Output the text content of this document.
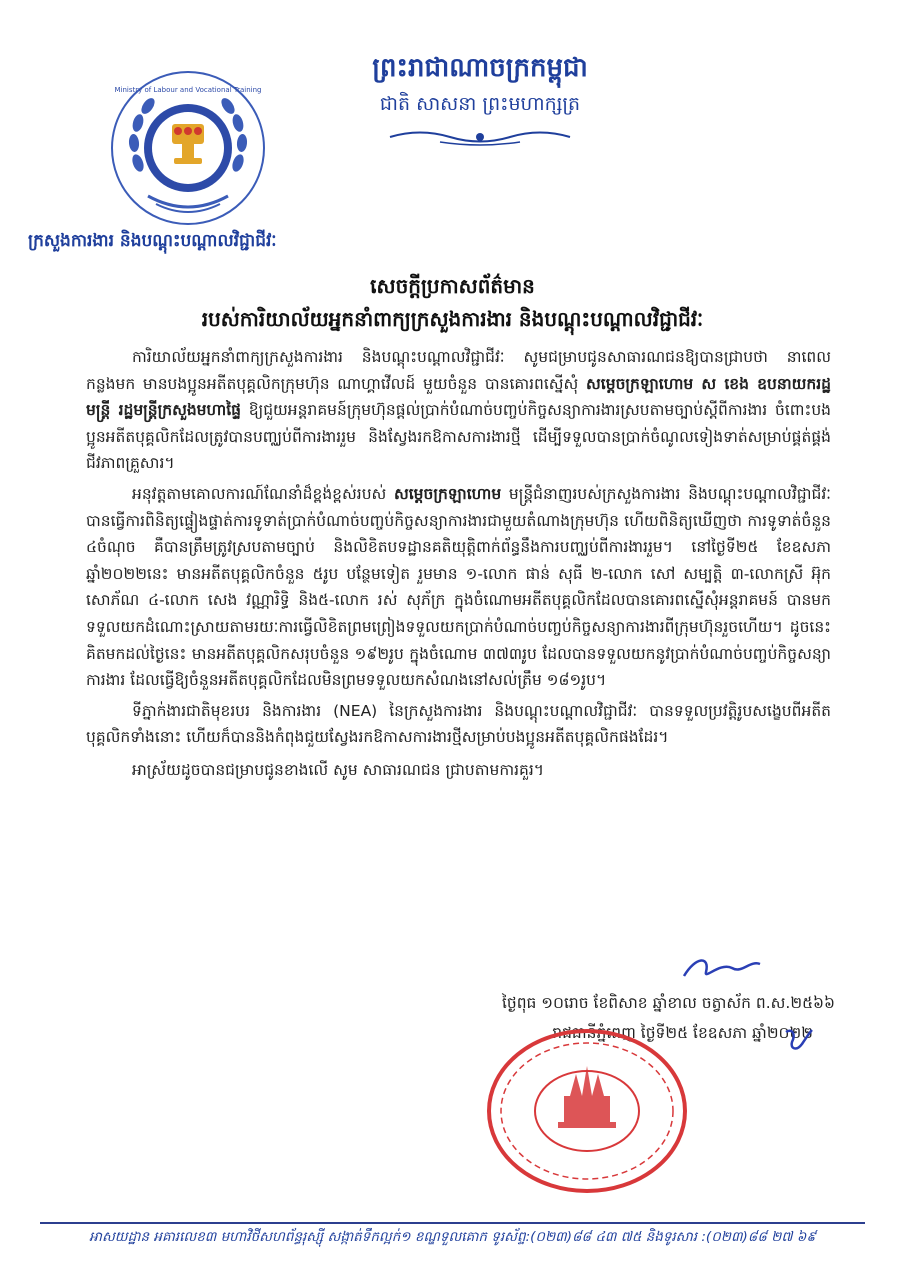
Ministry of Labour and Vocational Training
ព្រះរាជាណាចក្រកម្ពុជា
ជាតិ សាសនា ព្រះមហាក្សត្រ
ក្រសួងការងារ និងបណ្តុះបណ្តាលវិជ្ជាជីវៈ
សេចក្តីប្រកាសព័ត៌មាន
របស់ការិយាល័យអ្នកនាំពាក្យក្រសួងការងារ និងបណ្តុះបណ្តាលវិជ្ជាជីវៈ

ការិយាល័យអ្នកនាំពាក្យក្រសួងការងារ និងបណ្តុះបណ្តាលវិជ្ជាជីវៈ សូមជម្រាបជូនសាធារណជនឱ្យបានជ្រាបថា នាពេលកន្លងមក មានបងប្អូនអតីតបុគ្គលិកក្រុមហ៊ុន ណាហ្គាវើលដ៍ មួយចំនួន បានគោរពស្នើសុំ សម្តេចក្រឡាហោម ស ខេង ឧបនាយករដ្ឋមន្ត្រី រដ្ឋមន្ត្រីក្រសួងមហាផ្ទៃ ឱ្យជួយអន្តរាគមន៍ក្រុមហ៊ុនផ្តល់ប្រាក់បំណាច់បញ្ចប់កិច្ចសន្យាការងារស្របតាមច្បាប់ស្តីពីការងារ ចំពោះបងប្អូនអតីតបុគ្គលិកដែលត្រូវបានបញ្ឈប់ពីការងាររួម និងស្វែងរកឱកាសការងារថ្មី ដើម្បីទទួលបានប្រាក់ចំណូលទៀងទាត់សម្រាប់ផ្គត់ផ្គង់ជីវភាពគ្រួសារ។

អនុវត្តតាមគោលការណ៍ណែនាំដ៏ខ្ពង់ខ្ពស់របស់ សម្តេចក្រឡាហោម មន្ត្រីជំនាញរបស់ក្រសួងការងារ និងបណ្តុះបណ្តាលវិជ្ជាជីវៈ បានធ្វើការពិនិត្យផ្ទៀងផ្ទាត់ការទូទាត់ប្រាក់បំណាច់បញ្ចប់កិច្ចសន្យាការងារជាមួយតំណាងក្រុមហ៊ុន ហើយពិនិត្យឃើញថា ការទូទាត់ចំនួន ៤ចំណុច គឺបានត្រឹមត្រូវស្របតាមច្បាប់ និងលិខិតបទដ្ឋានគតិយុត្តិពាក់ព័ន្ធនឹងការបញ្ឈប់ពីការងាររួម។ នៅថ្ងៃទី២៥ ខែឧសភា ឆ្នាំ២០២២នេះ មានអតីតបុគ្គលិកចំនួន ៥រូប បន្ថែមទៀត រួមមាន ១-លោក ផាន់ សុធី ២-លោក សៅ សម្បត្តិ ៣-លោកស្រី អ៊ុក សោភ័ណ ៤-លោក សេង វណ្ណារិទ្ធិ និង៥-លោក រស់ សុភ័ក្រ ក្នុងចំណោមអតីតបុគ្គលិកដែលបានគោរពស្នើសុំអន្តរាគមន៍ បានមកទទួលយកដំណោះស្រាយតាមរយៈការធ្វើលិខិតព្រមព្រៀងទទួលយកប្រាក់បំណាច់បញ្ចប់កិច្ចសន្យាការងារពីក្រុមហ៊ុនរួចហើយ។ ដូចនេះ គិតមកដល់ថ្ងៃនេះ មានអតីតបុគ្គលិកសរុបចំនួន ១៩២រូប ក្នុងចំណោម ៣៧៣រូប ដែលបានទទួលយកនូវប្រាក់បំណាច់បញ្ចប់កិច្ចសន្យាការងារ ដែលធ្វើឱ្យចំនួនអតីតបុគ្គលិកដែលមិនព្រមទទួលយកសំណងនៅសល់ត្រឹម ១៨១រូប។

ទីភ្នាក់ងារជាតិមុខរបរ និងការងារ (NEA) នៃក្រសួងការងារ និងបណ្តុះបណ្តាលវិជ្ជាជីវៈ បានទទួលប្រវត្តិរូបសង្ខេបពីអតីតបុគ្គលិកទាំងនោះ ហើយក៏បាននិងកំពុងជួយស្វែងរកឱកាសការងារថ្មីសម្រាប់បងប្អូនអតីតបុគ្គលិកផងដែរ។

អាស្រ័យដូចបានជម្រាបជូនខាងលើ សូម សាធារណជន ជ្រាបតាមការគួរ។

ថ្ងៃពុធ ១០រោច ខែពិសាខ ឆ្នាំខាល ចត្វាស័ក ព.ស.២៥៦៦
រាជធានីភ្នំពេញ ថ្ងៃទី២៥ ខែឧសភា ឆ្នាំ២០២២
អាសយដ្ឋាន អគារលេខ៣ មហាវិថីសហព័ន្ធរុស្ស៊ី សង្កាត់ទឹកល្អក់១ ខណ្ឌទួលគោក ទូរស័ព្ទ:(០២៣)៨៨ ៤៣ ៧៥ និងទូរសារ :(០២៣)៨៨ ២៧ ៦៩
